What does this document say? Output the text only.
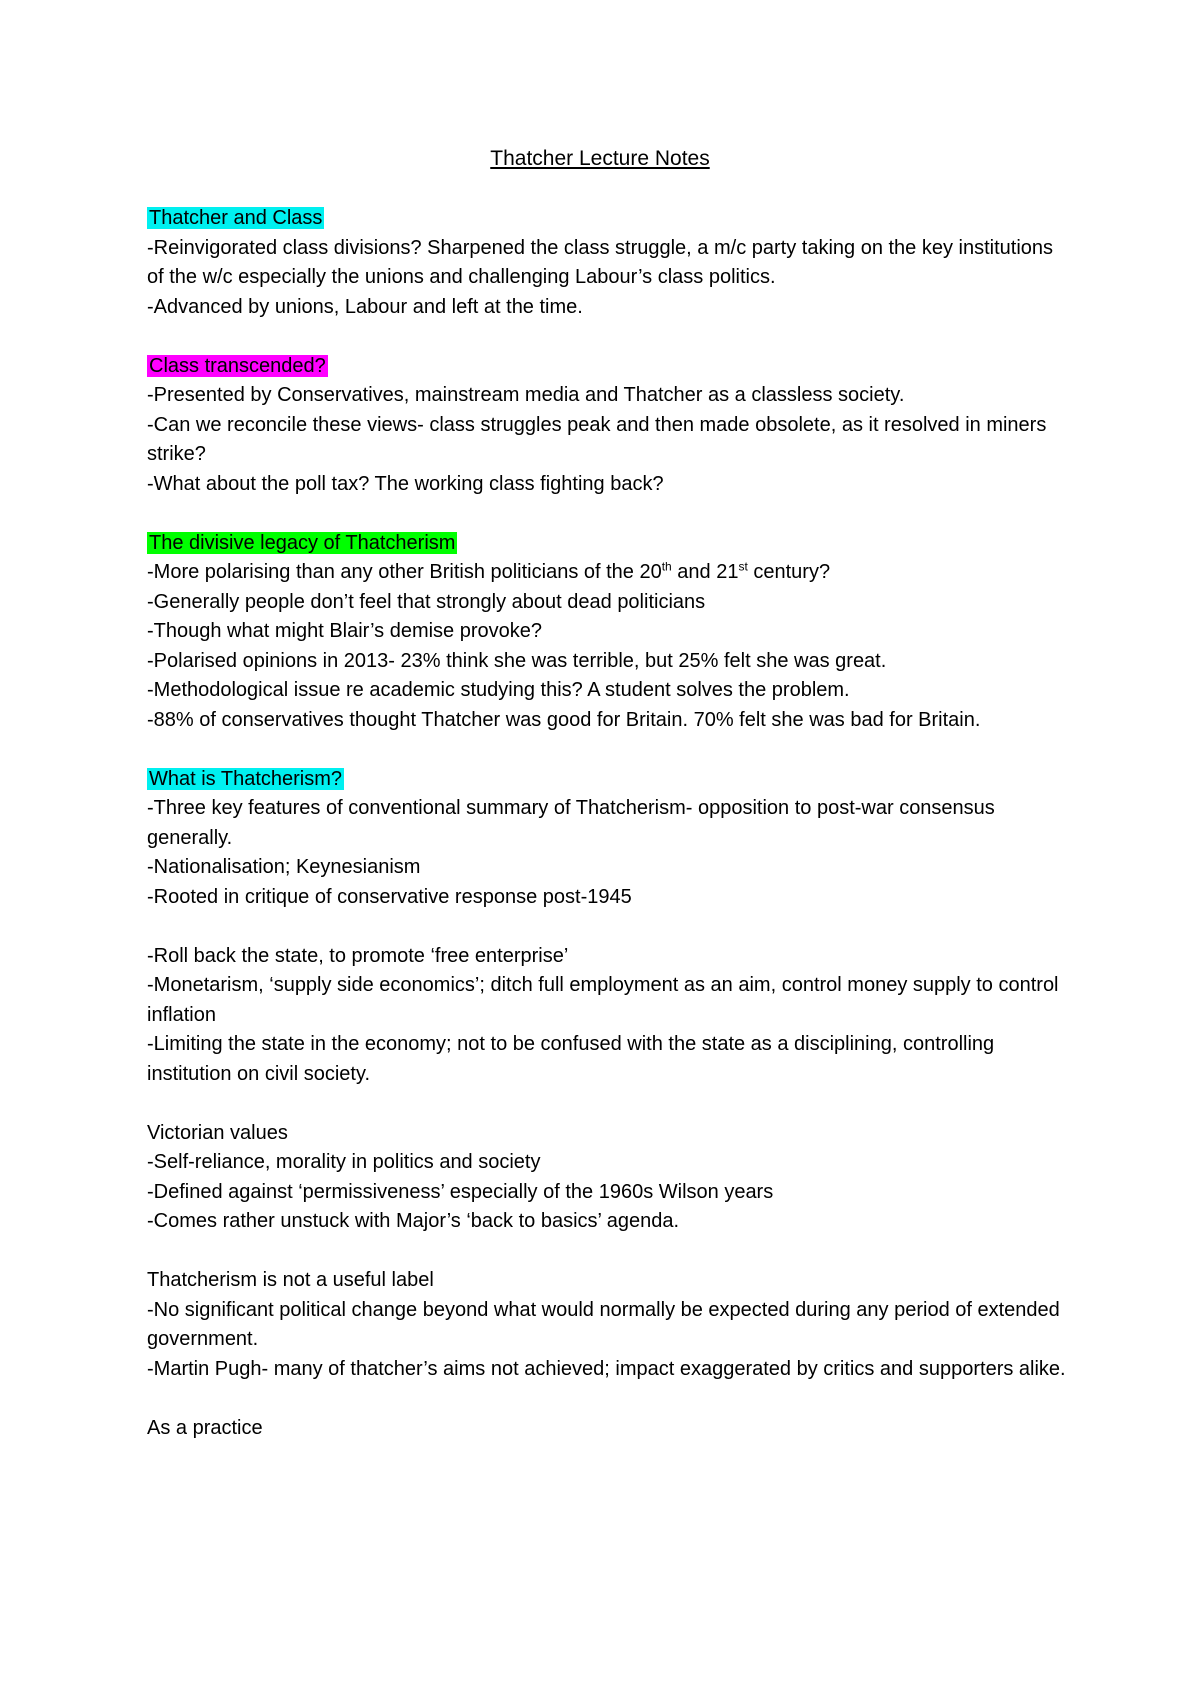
Thatcher Lecture Notes
Thatcher and Class
-Reinvigorated class divisions? Sharpened the class struggle, a m/c party taking on the key institutions of the w/c especially the unions and challenging Labour’s class politics.
-Advanced by unions, Labour and left at the time.
Class transcended?
-Presented by Conservatives, mainstream media and Thatcher as a classless society.
-Can we reconcile these views- class struggles peak and then made obsolete, as it resolved in miners strike?
-What about the poll tax? The working class fighting back?
The divisive legacy of Thatcherism
-More polarising than any other British politicians of the 20th and 21st century?
-Generally people don’t feel that strongly about dead politicians
-Though what might Blair’s demise provoke?
-Polarised opinions in 2013- 23% think she was terrible, but 25% felt she was great.
-Methodological issue re academic studying this? A student solves the problem.
-88% of conservatives thought Thatcher was good for Britain. 70% felt she was bad for Britain.
What is Thatcherism?
-Three key features of conventional summary of Thatcherism- opposition to post-war consensus generally.
-Nationalisation; Keynesianism
-Rooted in critique of conservative response post-1945
-Roll back the state, to promote ‘free enterprise’
-Monetarism, ‘supply side economics’; ditch full employment as an aim, control money supply to control inflation
-Limiting the state in the economy; not to be confused with the state as a disciplining, controlling institution on civil society.
Victorian values
-Self-reliance, morality in politics and society
-Defined against ‘permissiveness’ especially of the 1960s Wilson years
-Comes rather unstuck with Major’s ‘back to basics’ agenda.
Thatcherism is not a useful label
-No significant political change beyond what would normally be expected during any period of extended government.
-Martin Pugh- many of thatcher’s aims not achieved; impact exaggerated by critics and supporters alike.
As a practice
